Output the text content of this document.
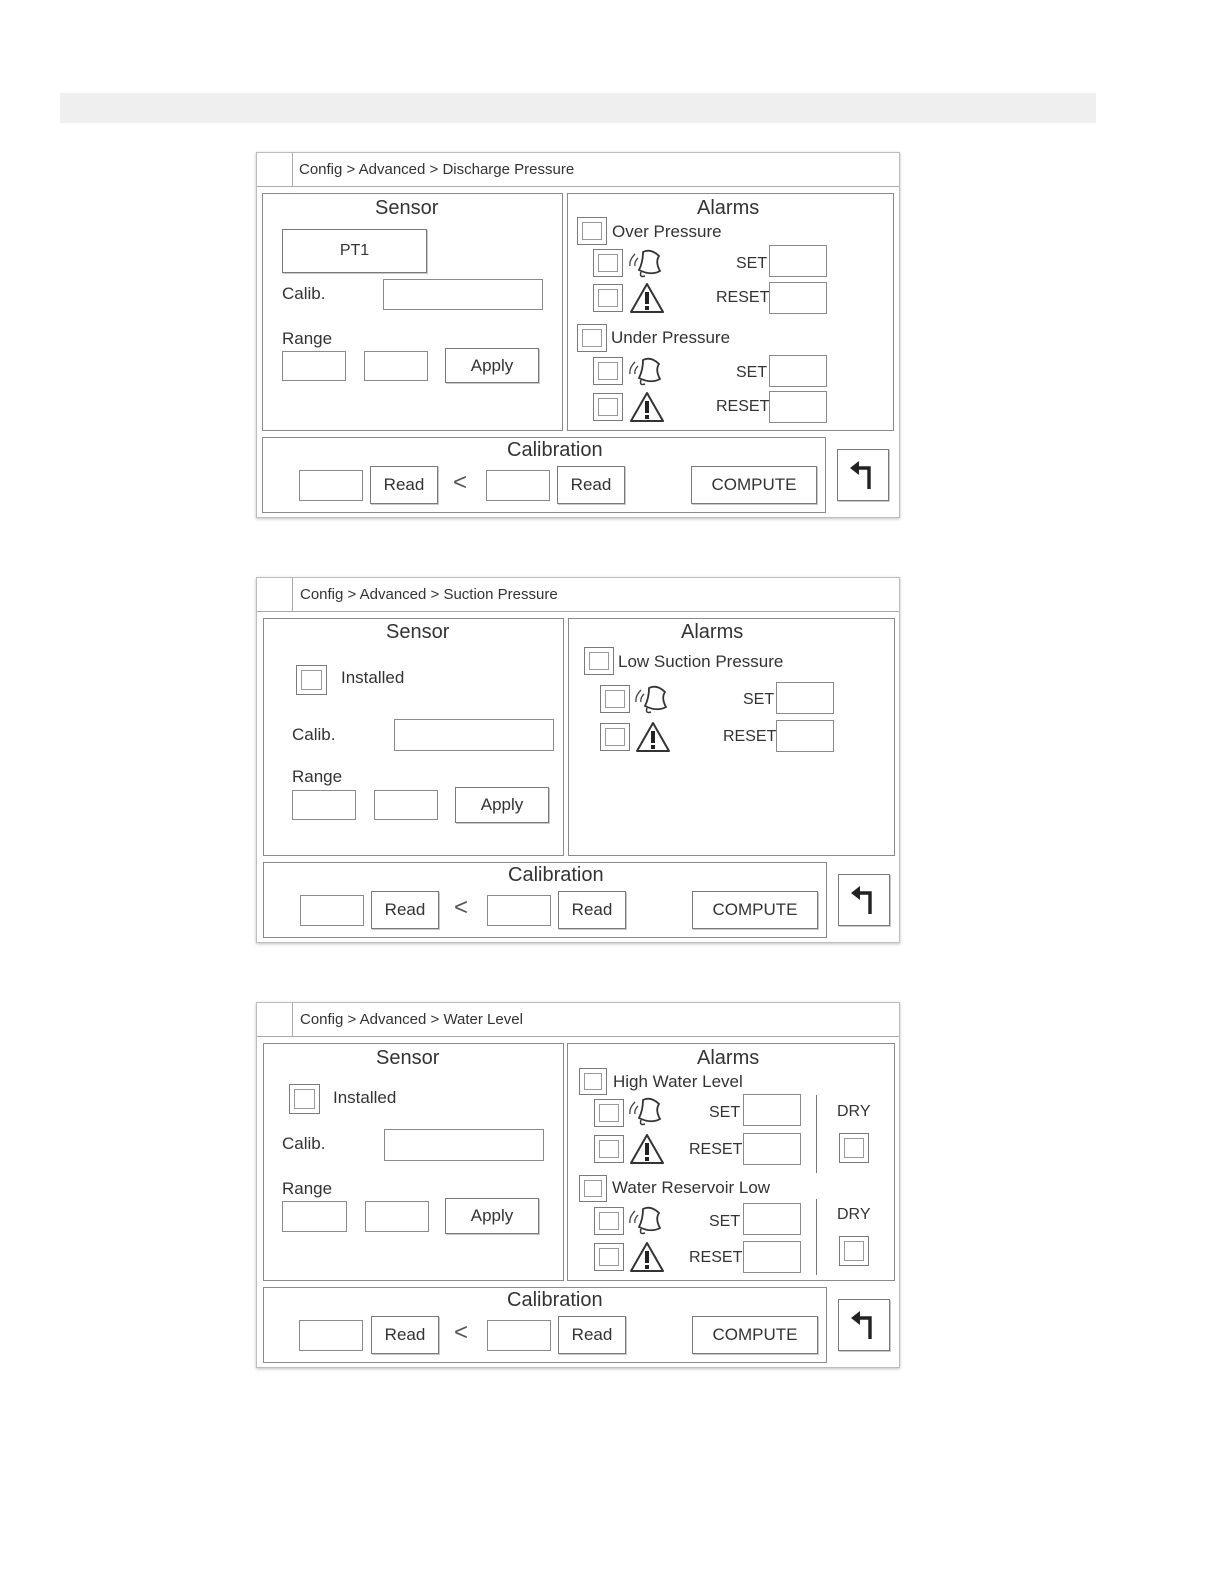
Config > Advanced > Discharge Pressure
Sensor
PT1
Calib.
Range
Apply
Alarms
Over Pressure
SET
RESET
Under Pressure
SET
RESET
Calibration
Read	<	Read	COMPUTE
Config > Advanced > Suction Pressure
Sensor
Installed
Calib.
Range
Apply
Alarms
Low Suction Pressure
SET
RESET
Calibration
Read	<	Read	COMPUTE
Config > Advanced > Water Level
Sensor
Installed
Calib.
Range
Apply
Alarms
High Water Level
SET
RESET
DRY
Water Reservoir Low
SET
RESET
DRY
Calibration
Read	<	Read	COMPUTE
